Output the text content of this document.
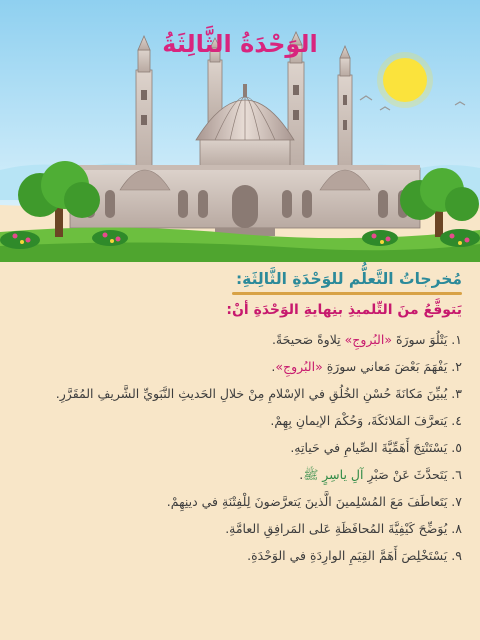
الوَحْدَةُ الثَّالِثَةُ

مُخرجاتُ التَّعلُّم للوَحْدَةِ الثَّالِثَةِ:

يَتوقَّعُ منَ التِّلميذِ بنِهايةِ الوَحْدَةِ أنْ:

١.يَتْلُوَ سورَةَ «البُروجِ» تِلاوةً صَحيحَةً.
٢.يَفْهَمَ بَعْضَ مَعاني سورَةِ «البُروجِ».
٣.يُبيِّنَ مَكانَةَ حُسْنِ الخُلُقِ في الإسْلامِ مِنْ خلالِ الحَديثِ النَّبَويِّ الشَّريفِ المُقَرَّرِ.
٤.يَتعرَّفَ المَلائكَةَ، وَحُكْمَ الإيمانِ بِهِمْ.
٥.يَسْتَنْتِجَ أَهَمِّيَّةَ الصِّيامِ في حَياتِهِ.
٦.يَتَحدَّثَ عَنْ صَبْرِ آلِ ياسِرٍ ﷺ.
٧.يَتَعاطَفَ مَعَ المُسْلِمينَ الَّذينَ يَتعرَّضونَ لِلْفِتْنَةِ في دينِهِمْ.
٨.يُوَضِّحَ كَيْفِيَّةَ المُحافَظَةِ عَلى المَرافِقِ العامَّةِ.
٩.يَسْتَخْلِصَ أَهَمَّ القِيَمِ الوارِدَةِ في الوَحْدَةِ.
